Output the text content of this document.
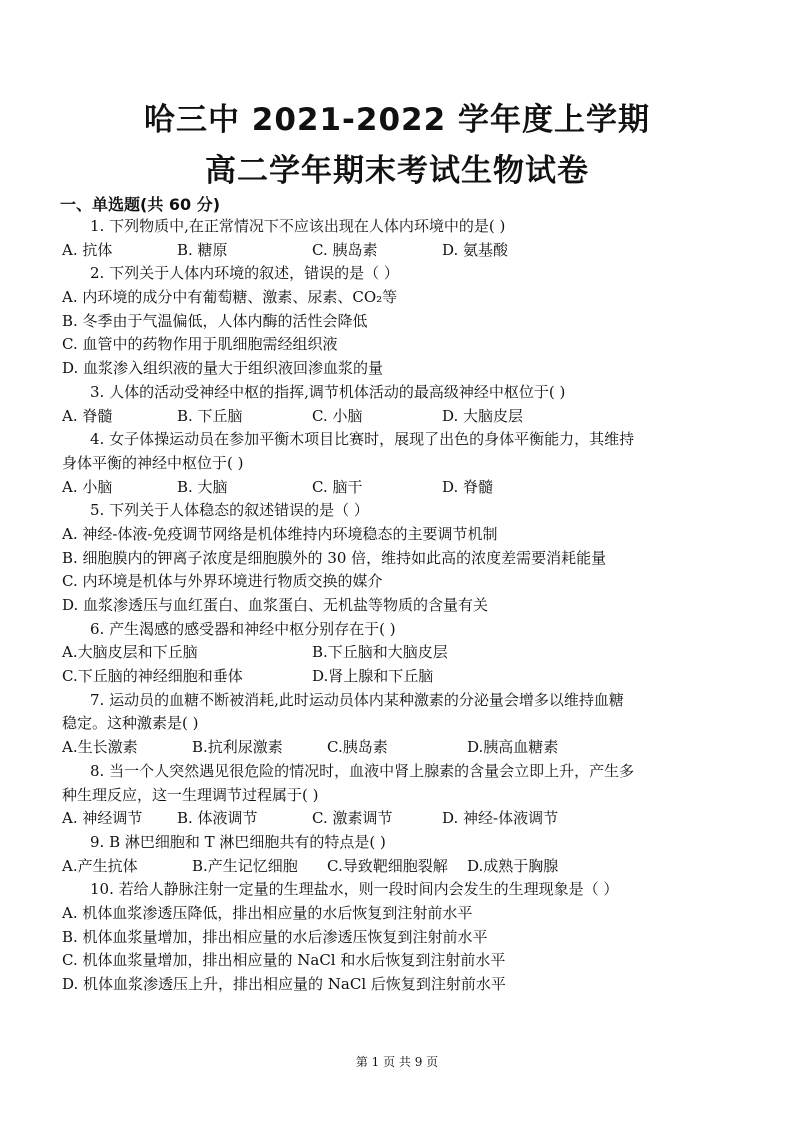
哈三中 2021-2022 学年度上学期
高二学年期末考试生物试卷
一、单选题(共 60 分)
1. 下列物质中,在正常情况下不应该出现在人体内环境中的是( )
A. 抗体	B. 糖原	C. 胰岛素	D. 氨基酸
2. 下列关于人体内环境的叙述，错误的是（ ）
A. 内环境的成分中有葡萄糖、激素、尿素、CO₂等
B. 冬季由于气温偏低，人体内酶的活性会降低
C. 血管中的药物作用于肌细胞需经组织液
D. 血浆渗入组织液的量大于组织液回渗血浆的量
3. 人体的活动受神经中枢的指挥,调节机体活动的最高级神经中枢位于( )
A. 脊髓	B. 下丘脑	C. 小脑	D. 大脑皮层
4. 女子体操运动员在参加平衡木项目比赛时，展现了出色的身体平衡能力，其维持
身体平衡的神经中枢位于( )
A. 小脑	B. 大脑	C. 脑干	D. 脊髓
5. 下列关于人体稳态的叙述错误的是（ ）
A. 神经-体液-免疫调节网络是机体维持内环境稳态的主要调节机制
B. 细胞膜内的钾离子浓度是细胞膜外的 30 倍，维持如此高的浓度差需要消耗能量
C. 内环境是机体与外界环境进行物质交换的媒介
D. 血浆渗透压与血红蛋白、血浆蛋白、无机盐等物质的含量有关
6. 产生渴感的感受器和神经中枢分别存在于( )
A.大脑皮层和下丘脑	B.下丘脑和大脑皮层
C.下丘脑的神经细胞和垂体	D.肾上腺和下丘脑
7. 运动员的血糖不断被消耗,此时运动员体内某种激素的分泌量会增多以维持血糖
稳定。这种激素是( )
A.生长激素	B.抗利尿激素	C.胰岛素	D.胰高血糖素
8. 当一个人突然遇见很危险的情况时，血液中肾上腺素的含量会立即上升，产生多
种生理反应，这一生理调节过程属于( )
A. 神经调节 B. 体液调节	C. 激素调节	D. 神经-体液调节
9. B 淋巴细胞和 T 淋巴细胞共有的特点是( )
A.产生抗体	B.产生记忆细胞 C.导致靶细胞裂解 D.成熟于胸腺
10. 若给人静脉注射一定量的生理盐水，则一段时间内会发生的生理现象是（ ）
A. 机体血浆渗透压降低，排出相应量的水后恢复到注射前水平
B. 机体血浆量增加，排出相应量的水后渗透压恢复到注射前水平
C. 机体血浆量增加，排出相应量的 NaCl 和水后恢复到注射前水平
D. 机体血浆渗透压上升，排出相应量的 NaCl 后恢复到注射前水平
第 1 页 共 9 页
